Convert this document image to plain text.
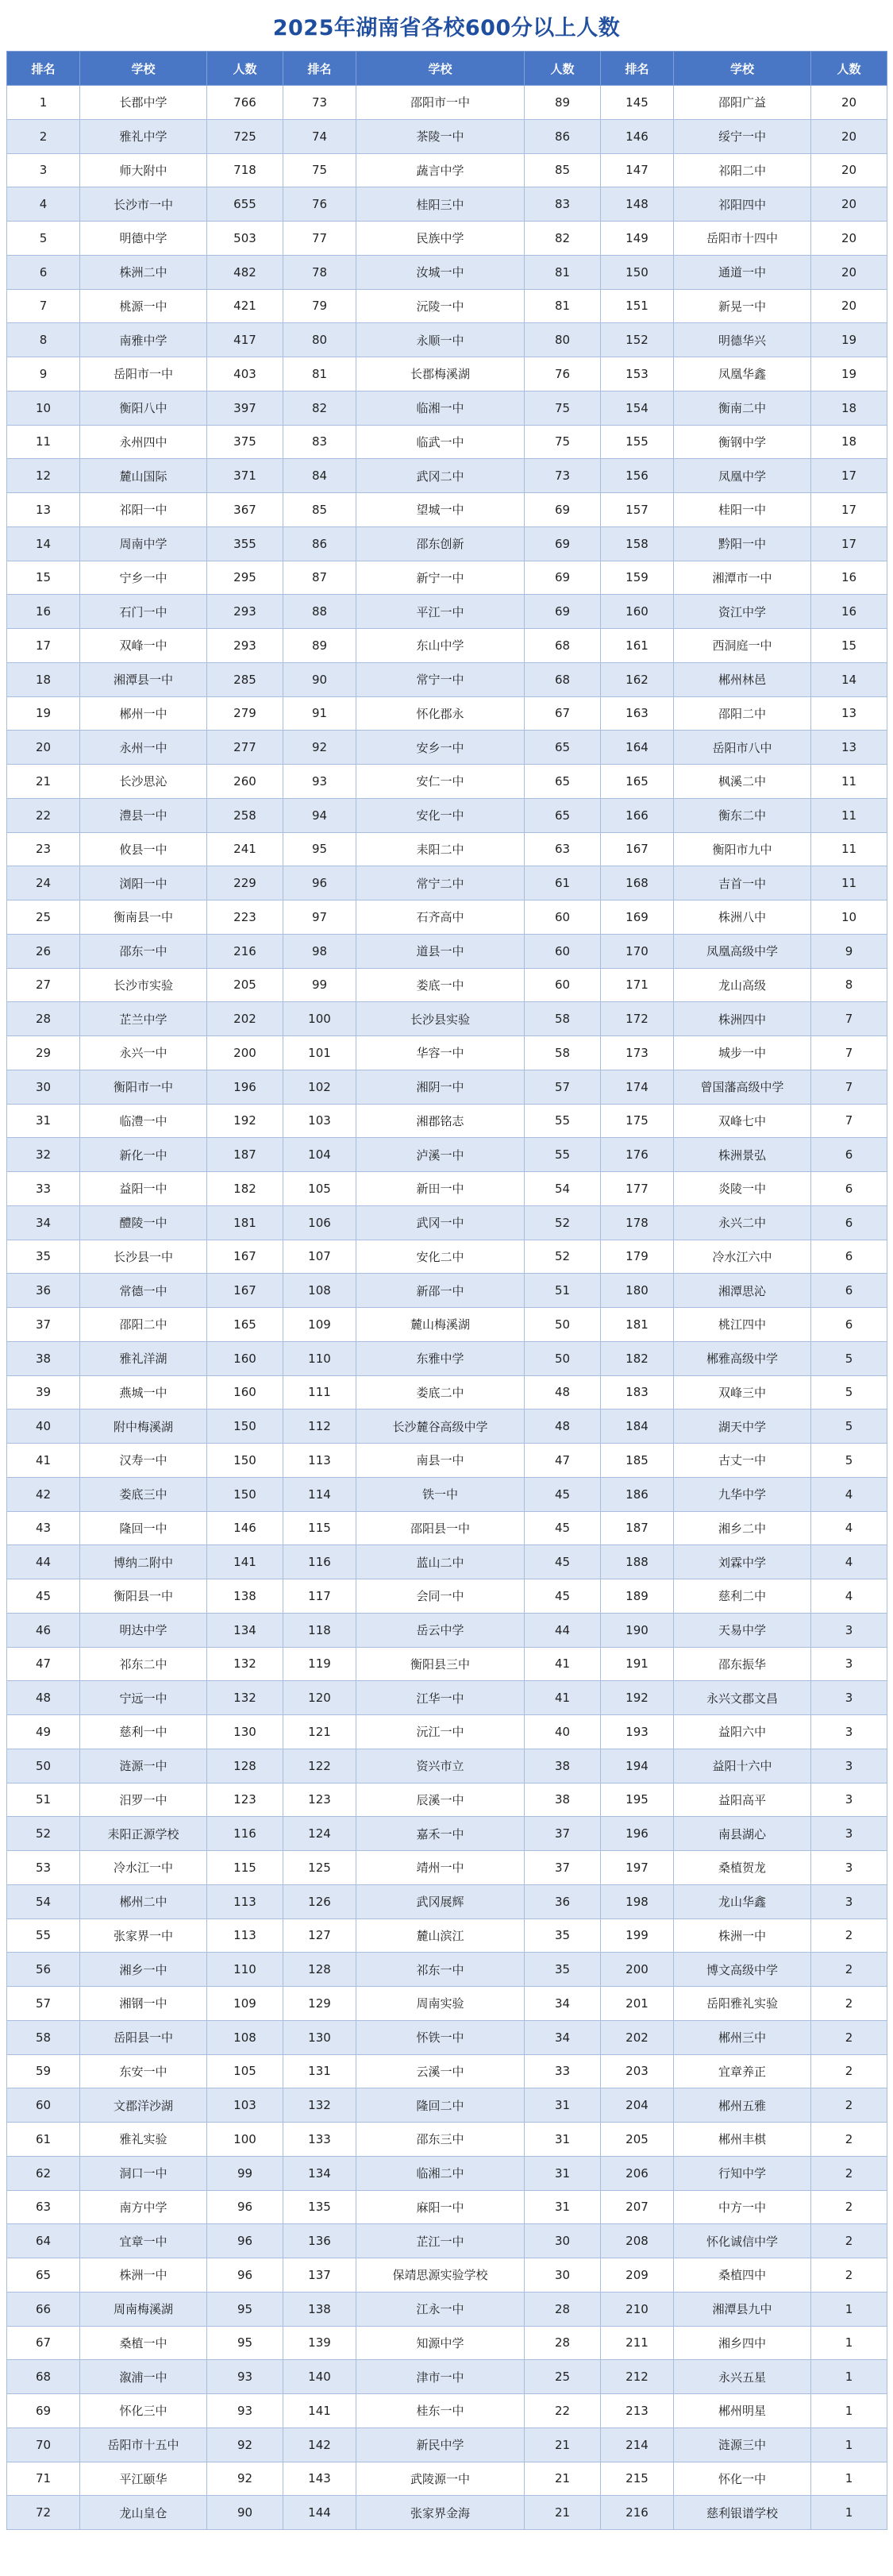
2025年湖南省各校600分以上人数
排名	学校	人数	排名	学校	人数	排名	学校	人数
1	长郡中学	766	73	邵阳市一中	89	145	邵阳广益	20
2	雅礼中学	725	74	茶陵一中	86	146	绥宁一中	20
3	师大附中	718	75	蔬言中学	85	147	祁阳二中	20
4	长沙市一中	655	76	桂阳三中	83	148	祁阳四中	20
5	明德中学	503	77	民族中学	82	149	岳阳市十四中	20
6	株洲二中	482	78	汝城一中	81	150	通道一中	20
7	桃源一中	421	79	沅陵一中	81	151	新晃一中	20
8	南雅中学	417	80	永顺一中	80	152	明德华兴	19
9	岳阳市一中	403	81	长郡梅溪湖	76	153	凤凰华鑫	19
10	衡阳八中	397	82	临湘一中	75	154	衡南二中	18
11	永州四中	375	83	临武一中	75	155	衡钢中学	18
12	麓山国际	371	84	武冈二中	73	156	凤凰中学	17
13	祁阳一中	367	85	望城一中	69	157	桂阳一中	17
14	周南中学	355	86	邵东创新	69	158	黔阳一中	17
15	宁乡一中	295	87	新宁一中	69	159	湘潭市一中	16
16	石门一中	293	88	平江一中	69	160	资江中学	16
17	双峰一中	293	89	东山中学	68	161	西洞庭一中	15
18	湘潭县一中	285	90	常宁一中	68	162	郴州林邑	14
19	郴州一中	279	91	怀化郡永	67	163	邵阳二中	13
20	永州一中	277	92	安乡一中	65	164	岳阳市八中	13
21	长沙思沁	260	93	安仁一中	65	165	枫溪二中	11
22	澧县一中	258	94	安化一中	65	166	衡东二中	11
23	攸县一中	241	95	耒阳二中	63	167	衡阳市九中	11
24	浏阳一中	229	96	常宁二中	61	168	吉首一中	11
25	衡南县一中	223	97	石齐高中	60	169	株洲八中	10
26	邵东一中	216	98	道县一中	60	170	凤凰高级中学	9
27	长沙市实验	205	99	娄底一中	60	171	龙山高级	8
28	芷兰中学	202	100	长沙县实验	58	172	株洲四中	7
29	永兴一中	200	101	华容一中	58	173	城步一中	7
30	衡阳市一中	196	102	湘阴一中	57	174	曾国藩高级中学	7
31	临澧一中	192	103	湘郡铭志	55	175	双峰七中	7
32	新化一中	187	104	泸溪一中	55	176	株洲景弘	6
33	益阳一中	182	105	新田一中	54	177	炎陵一中	6
34	醴陵一中	181	106	武冈一中	52	178	永兴二中	6
35	长沙县一中	167	107	安化二中	52	179	冷水江六中	6
36	常德一中	167	108	新邵一中	51	180	湘潭思沁	6
37	邵阳二中	165	109	麓山梅溪湖	50	181	桃江四中	6
38	雅礼洋湖	160	110	东雅中学	50	182	郴雅高级中学	5
39	燕城一中	160	111	娄底二中	48	183	双峰三中	5
40	附中梅溪湖	150	112	长沙麓谷高级中学	48	184	湖天中学	5
41	汉寿一中	150	113	南县一中	47	185	古丈一中	5
42	娄底三中	150	114	铁一中	45	186	九华中学	4
43	隆回一中	146	115	邵阳县一中	45	187	湘乡二中	4
44	博纳二附中	141	116	蓝山二中	45	188	刘霖中学	4
45	衡阳县一中	138	117	会同一中	45	189	慈利二中	4
46	明达中学	134	118	岳云中学	44	190	天易中学	3
47	祁东二中	132	119	衡阳县三中	41	191	邵东振华	3
48	宁远一中	132	120	江华一中	41	192	永兴文郡文昌	3
49	慈利一中	130	121	沅江一中	40	193	益阳六中	3
50	涟源一中	128	122	资兴市立	38	194	益阳十六中	3
51	汨罗一中	123	123	辰溪一中	38	195	益阳高平	3
52	耒阳正源学校	116	124	嘉禾一中	37	196	南县湖心	3
53	冷水江一中	115	125	靖州一中	37	197	桑植贺龙	3
54	郴州二中	113	126	武冈展辉	36	198	龙山华鑫	3
55	张家界一中	113	127	麓山滨江	35	199	株洲一中	2
56	湘乡一中	110	128	祁东一中	35	200	博文高级中学	2
57	湘钢一中	109	129	周南实验	34	201	岳阳雅礼实验	2
58	岳阳县一中	108	130	怀铁一中	34	202	郴州三中	2
59	东安一中	105	131	云溪一中	33	203	宜章养正	2
60	文郡洋沙湖	103	132	隆回二中	31	204	郴州五雅	2
61	雅礼实验	100	133	邵东三中	31	205	郴州丰棋	2
62	洞口一中	99	134	临湘二中	31	206	行知中学	2
63	南方中学	96	135	麻阳一中	31	207	中方一中	2
64	宜章一中	96	136	芷江一中	30	208	怀化诚信中学	2
65	株洲一中	96	137	保靖思源实验学校	30	209	桑植四中	2
66	周南梅溪湖	95	138	江永一中	28	210	湘潭县九中	1
67	桑植一中	95	139	知源中学	28	211	湘乡四中	1
68	溆浦一中	93	140	津市一中	25	212	永兴五星	1
69	怀化三中	93	141	桂东一中	22	213	郴州明星	1
70	岳阳市十五中	92	142	新民中学	21	214	涟源三中	1
71	平江颐华	92	143	武陵源一中	21	215	怀化一中	1
72	龙山皇仓	90	144	张家界金海	21	216	慈利银谱学校	1
